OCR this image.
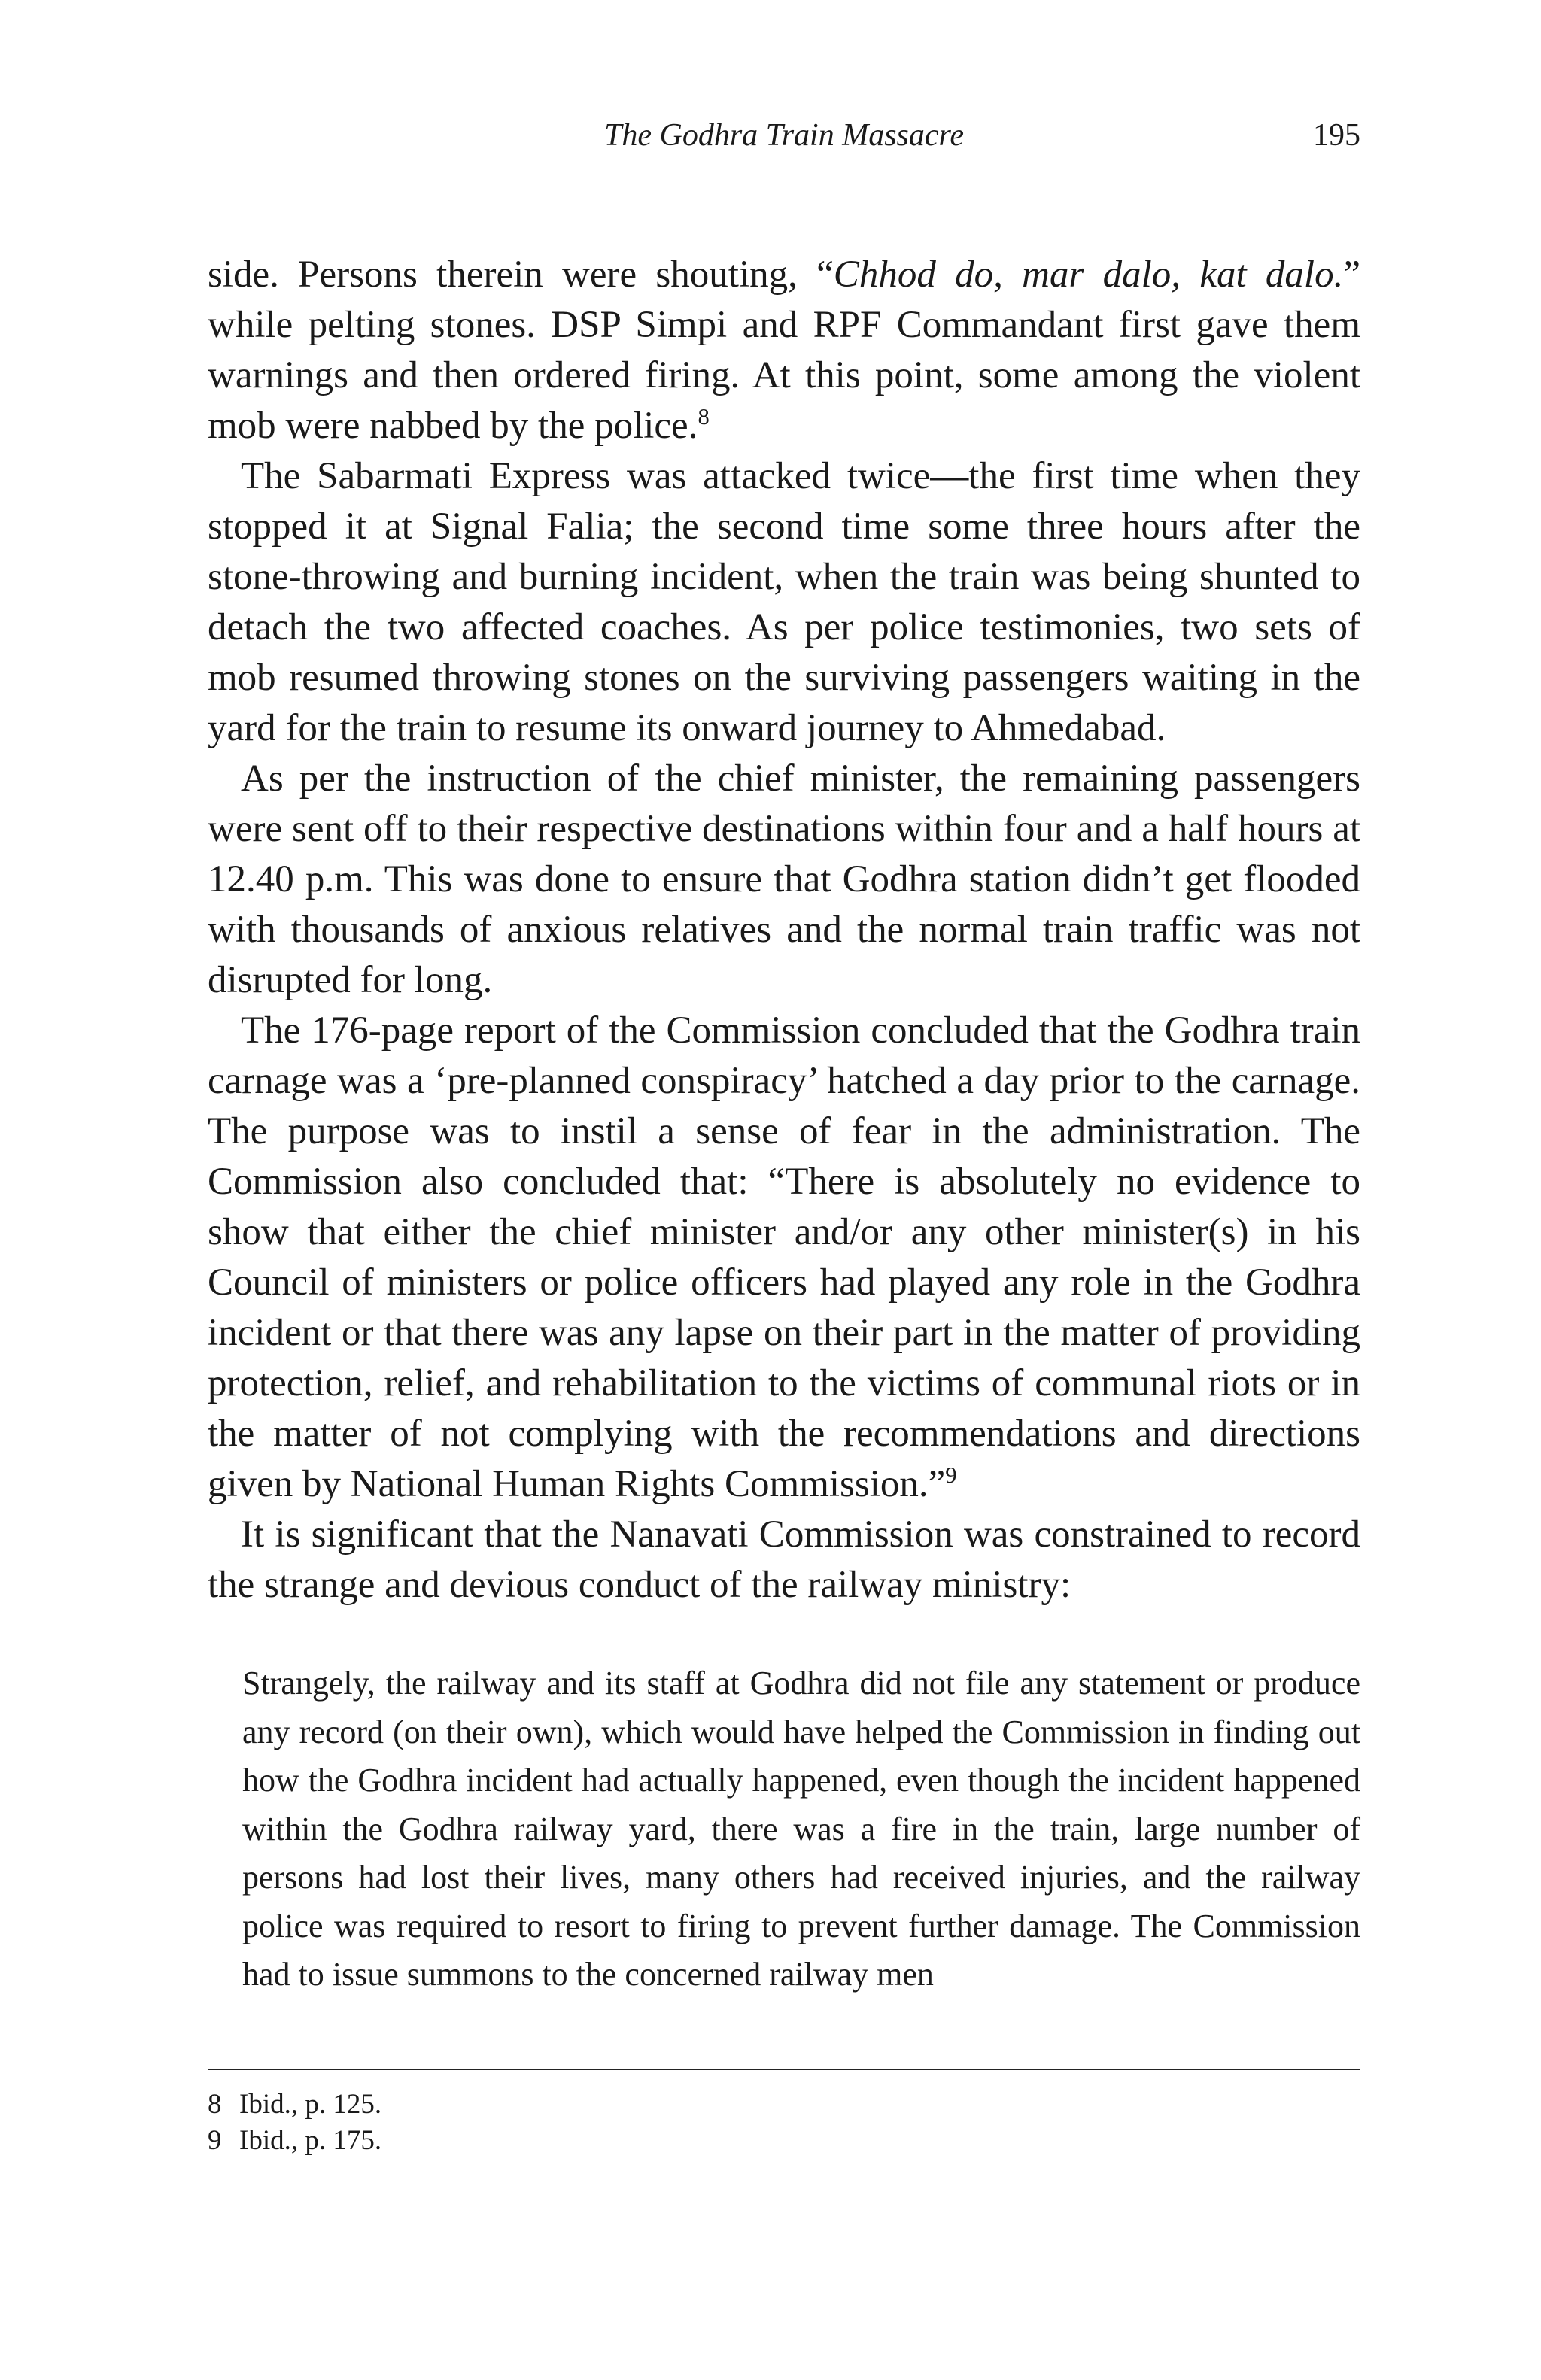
The Godhra Train Massacre	195

side. Persons therein were shouting, “Chhod do, mar dalo, kat dalo.” while pelting stones. DSP Simpi and RPF Commandant first gave them warnings and then ordered firing. At this point, some among the violent mob were nabbed by the police.$^8$

The Sabarmati Express was attacked twice—the first time when they stopped it at Signal Falia; the second time some three hours after the stone-throwing and burning incident, when the train was being shunted to detach the two affected coaches. As per police testimonies, two sets of mob resumed throwing stones on the surviving passengers waiting in the yard for the train to resume its onward journey to Ahmedabad.

As per the instruction of the chief minister, the remaining passengers were sent off to their respective destinations within four and a half hours at 12.40 p.m. This was done to ensure that Godhra station didn’t get flooded with thousands of anxious relatives and the normal train traffic was not disrupted for long.

The 176-page report of the Commission concluded that the Godhra train carnage was a ‘pre-planned conspiracy’ hatched a day prior to the carnage. The purpose was to instil a sense of fear in the administration. The Commission also concluded that: “There is absolutely no evidence to show that either the chief minister and/or any other minister(s) in his Council of ministers or police officers had played any role in the Godhra incident or that there was any lapse on their part in the matter of providing protection, relief, and rehabilitation to the victims of communal riots or in the matter of not complying with the recommendations and directions given by National Human Rights Commission.”$^9$

It is significant that the Nanavati Commission was constrained to record the strange and devious conduct of the railway ministry:

Strangely, the railway and its staff at Godhra did not file any statement or produce any record (on their own), which would have helped the Commission in finding out how the Godhra incident had actually happened, even though the incident happened within the Godhra railway yard, there was a fire in the train, large number of persons had lost their lives, many others had received injuries, and the railway police was required to resort to firing to prevent further damage. The Commission had to issue summons to the concerned railway men
8 Ibid., p. 125.
9 Ibid., p. 175.
